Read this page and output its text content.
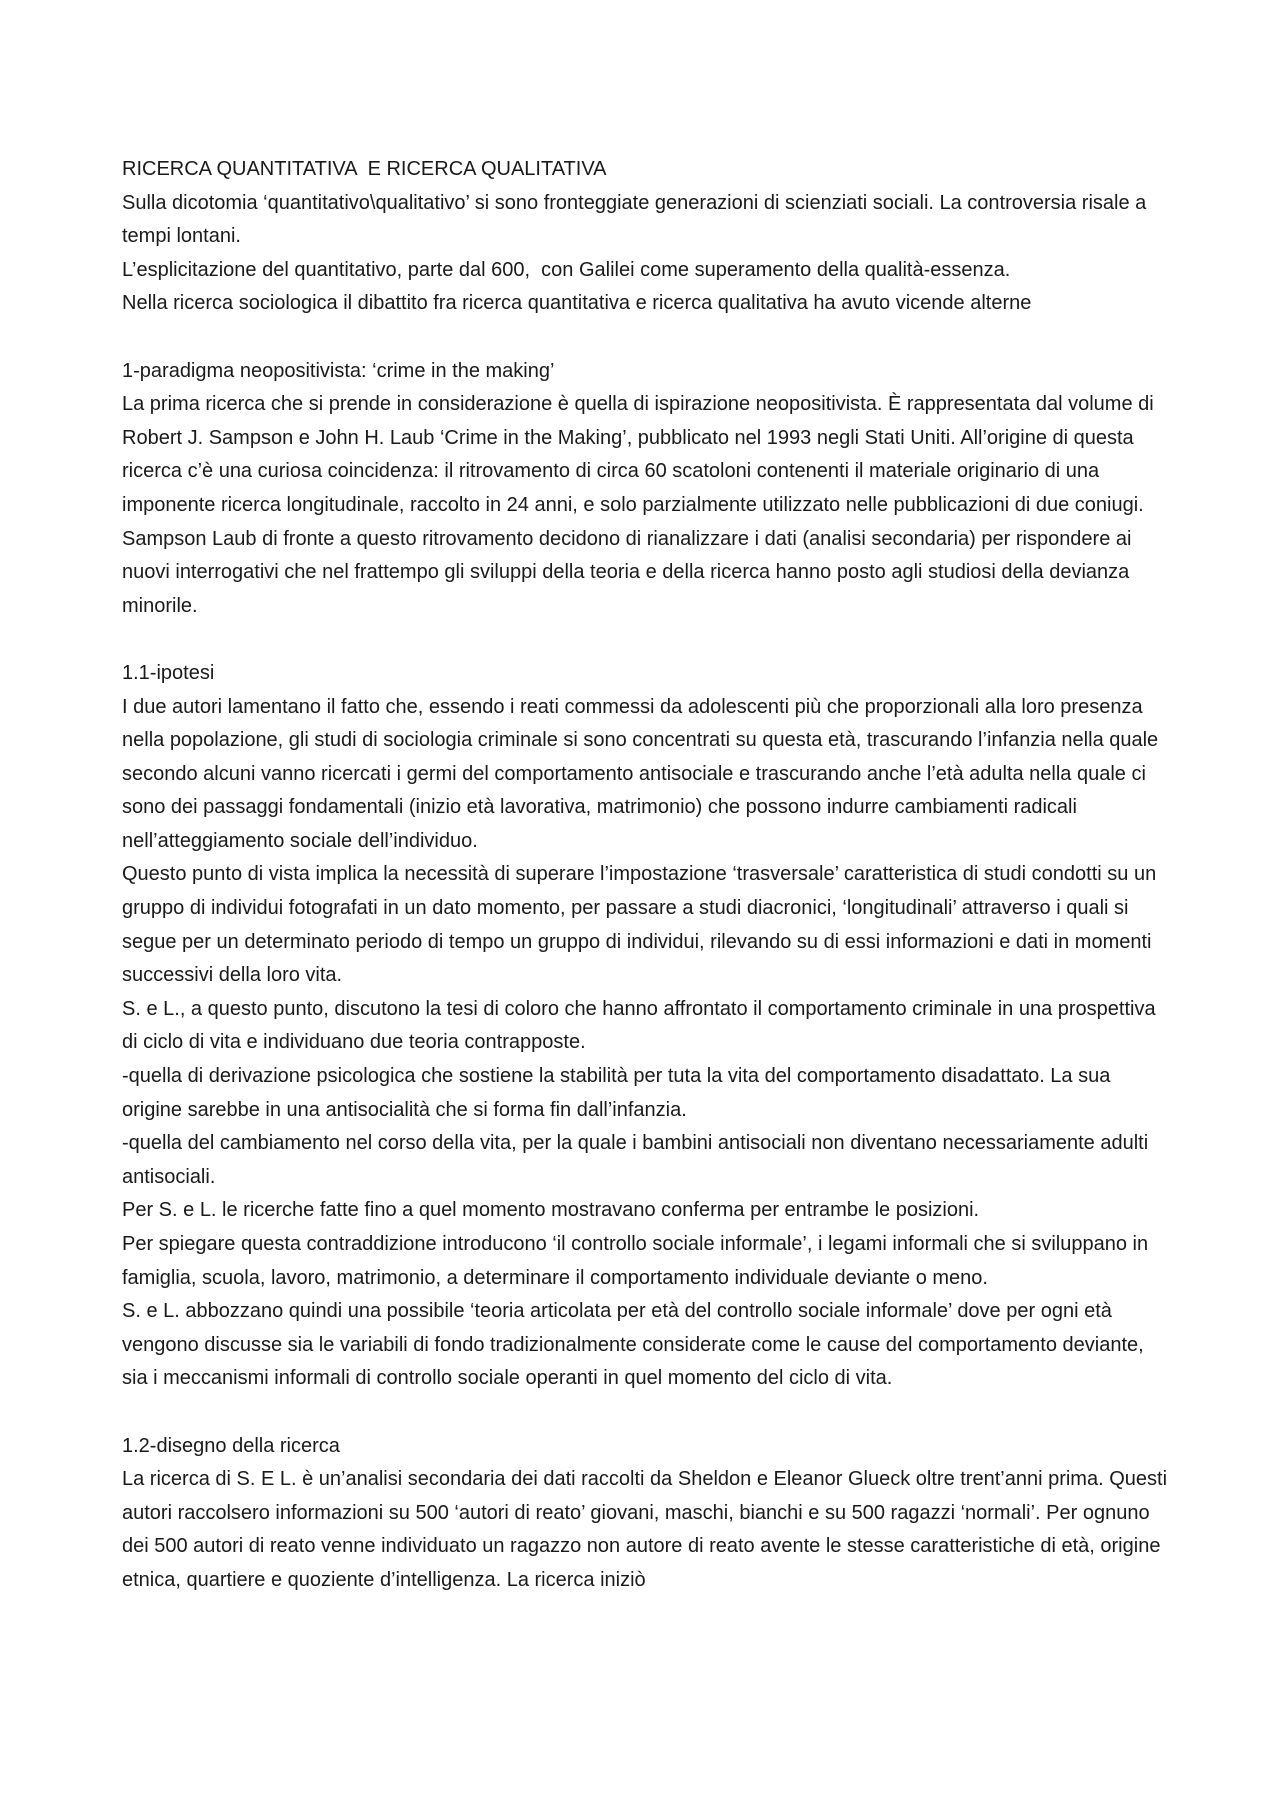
RICERCA QUANTITATIVA  E RICERCA QUALITATIVA

Sulla dicotomia ‘quantitativo\qualitativo’ si sono fronteggiate generazioni di scienziati sociali. La controversia risale a tempi lontani.

L’esplicitazione del quantitativo, parte dal 600,  con Galilei come superamento della qualità-essenza.

Nella ricerca sociologica il dibattito fra ricerca quantitativa e ricerca qualitativa ha avuto vicende alterne

1-paradigma neopositivista: ‘crime in the making’

La prima ricerca che si prende in considerazione è quella di ispirazione neopositivista. È rappresentata dal volume di Robert J. Sampson e John H. Laub ‘Crime in the Making’, pubblicato nel 1993 negli Stati Uniti. All’origine di questa ricerca c’è una curiosa coincidenza: il ritrovamento di circa 60 scatoloni contenenti il materiale originario di una imponente ricerca longitudinale, raccolto in 24 anni, e solo parzialmente utilizzato nelle pubblicazioni di due coniugi. Sampson Laub di fronte a questo ritrovamento decidono di rianalizzare i dati (analisi secondaria) per rispondere ai nuovi interrogativi che nel frattempo gli sviluppi della teoria e della ricerca hanno posto agli studiosi della devianza minorile.

1.1-ipotesi

I due autori lamentano il fatto che, essendo i reati commessi da adolescenti più che proporzionali alla loro presenza nella popolazione, gli studi di sociologia criminale si sono concentrati su questa età, trascurando l’infanzia nella quale secondo alcuni vanno ricercati i germi del comportamento antisociale e trascurando anche l’età adulta nella quale ci sono dei passaggi fondamentali (inizio età lavorativa, matrimonio) che possono indurre cambiamenti radicali nell’atteggiamento sociale dell’individuo.

Questo punto di vista implica la necessità di superare l’impostazione ‘trasversale’ caratteristica di studi condotti su un gruppo di individui fotografati in un dato momento, per passare a studi diacronici, ‘longitudinali’ attraverso i quali si segue per un determinato periodo di tempo un gruppo di individui, rilevando su di essi informazioni e dati in momenti successivi della loro vita.

S. e L., a questo punto, discutono la tesi di coloro che hanno affrontato il comportamento criminale in una prospettiva di ciclo di vita e individuano due teoria contrapposte.

-quella di derivazione psicologica che sostiene la stabilità per tuta la vita del comportamento disadattato. La sua origine sarebbe in una antisocialità che si forma fin dall’infanzia.

-quella del cambiamento nel corso della vita, per la quale i bambini antisociali non diventano necessariamente adulti antisociali.

Per S. e L. le ricerche fatte fino a quel momento mostravano conferma per entrambe le posizioni.

Per spiegare questa contraddizione introducono ‘il controllo sociale informale’, i legami informali che si sviluppano in famiglia, scuola, lavoro, matrimonio, a determinare il comportamento individuale deviante o meno.

S. e L. abbozzano quindi una possibile ‘teoria articolata per età del controllo sociale informale’ dove per ogni età vengono discusse sia le variabili di fondo tradizionalmente considerate come le cause del comportamento deviante, sia i meccanismi informali di controllo sociale operanti in quel momento del ciclo di vita.

1.2-disegno della ricerca

La ricerca di S. E L. è un’analisi secondaria dei dati raccolti da Sheldon e Eleanor Glueck oltre trent’anni prima. Questi autori raccolsero informazioni su 500 ‘autori di reato’ giovani, maschi, bianchi e su 500 ragazzi ‘normali’. Per ognuno dei 500 autori di reato venne individuato un ragazzo non autore di reato avente le stesse caratteristiche di età, origine etnica, quartiere e quoziente d’intelligenza. La ricerca iniziò
